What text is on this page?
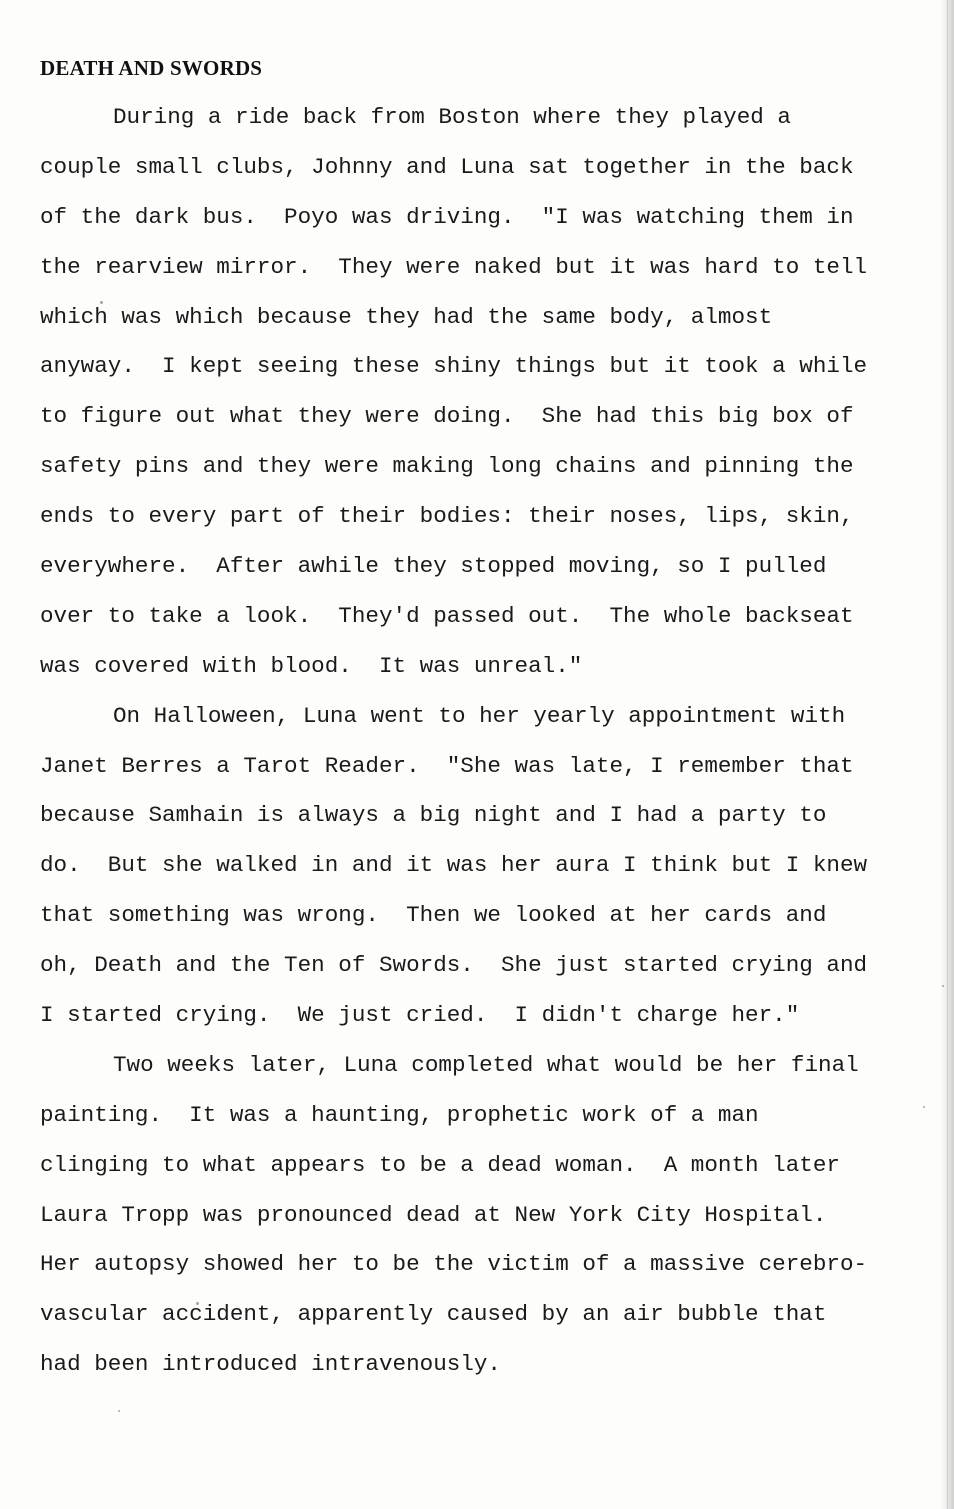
DEATH AND SWORDS
During a ride back from Boston where they played a
couple small clubs, Johnny and Luna sat together in the back
of the dark bus.  Poyo was driving.  "I was watching them in
the rearview mirror.  They were naked but it was hard to tell
which was which because they had the same body, almost
anyway.  I kept seeing these shiny things but it took a while
to figure out what they were doing.  She had this big box of
safety pins and they were making long chains and pinning the
ends to every part of their bodies: their noses, lips, skin,
everywhere.  After awhile they stopped moving, so I pulled
over to take a look.  They'd passed out.  The whole backseat
was covered with blood.  It was unreal."
On Halloween, Luna went to her yearly appointment with
Janet Berres a Tarot Reader.  "She was late, I remember that
because Samhain is always a big night and I had a party to
do.  But she walked in and it was her aura I think but I knew
that something was wrong.  Then we looked at her cards and
oh, Death and the Ten of Swords.  She just started crying and
I started crying.  We just cried.  I didn't charge her."
Two weeks later, Luna completed what would be her final
painting.  It was a haunting, prophetic work of a man
clinging to what appears to be a dead woman.  A month later
Laura Tropp was pronounced dead at New York City Hospital.
Her autopsy showed her to be the victim of a massive cerebro-
vascular accident, apparently caused by an air bubble that
had been introduced intravenously.
